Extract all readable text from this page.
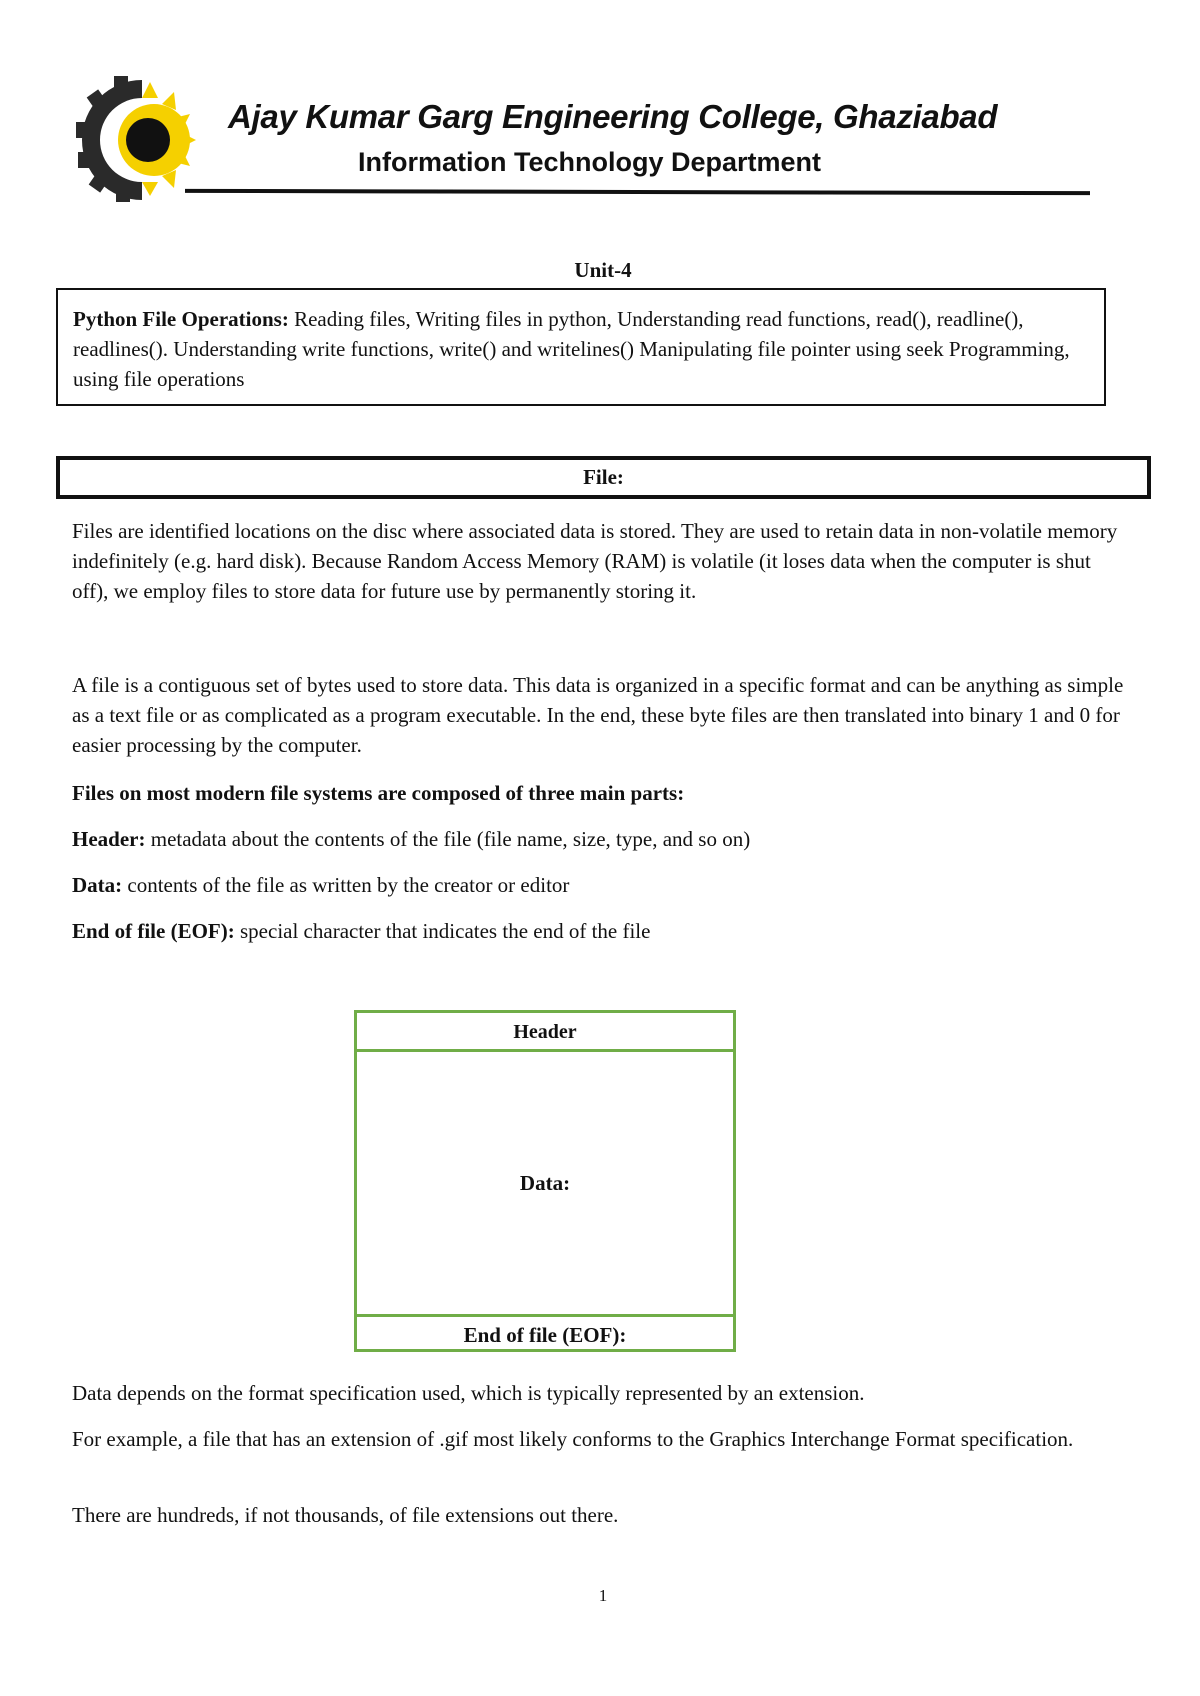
Ajay Kumar Garg Engineering College, Ghaziabad
Information Technology Department
Unit-4
Python File Operations: Reading files, Writing files in python, Understanding read functions, read(), readline(), readlines(). Understanding write functions, write() and writelines() Manipulating file pointer using seek Programming, using file operations
File:
Files are identified locations on the disc where associated data is stored. They are used to retain data in non-volatile memory indefinitely (e.g. hard disk). Because Random Access Memory (RAM) is volatile (it loses data when the computer is shut off), we employ files to store data for future use by permanently storing it.
A file is a contiguous set of bytes used to store data. This data is organized in a specific format and can be anything as simple as a text file or as complicated as a program executable. In the end, these byte files are then translated into binary 1 and 0 for easier processing by the computer.
Files on most modern file systems are composed of three main parts:
Header: metadata about the contents of the file (file name, size, type, and so on)
Data: contents of the file as written by the creator or editor
End of file (EOF): special character that indicates the end of the file
Header
Data:
End of file (EOF):
Data depends on the format specification used, which is typically represented by an extension.
For example, a file that has an extension of .gif most likely conforms to the Graphics Interchange Format specification.
There are hundreds, if not thousands, of file extensions out there.
1
